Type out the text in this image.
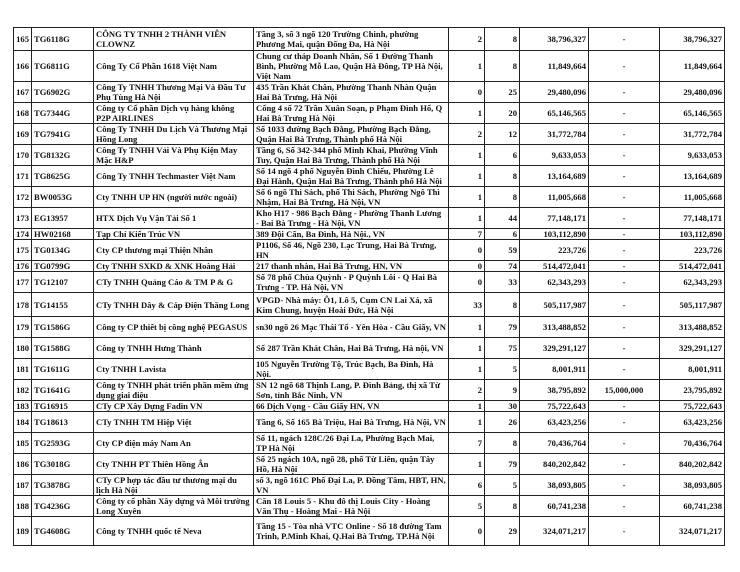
165	TG6118G	CÔNG TY TNHH 2 THÀNH VIÊN CLOWNZ	Tầng 3, số 3 ngõ 120 Trường Chinh, phường Phương Mai, quận Đống Đa, Hà Nội	2	8	38,796,327	-	38,796,327
166	TG6811G	Công Ty Cổ Phần 1618 Việt Nam	Chung cư tháp Doanh Nhân, Số 1 Đường Thanh Bình, Phường Mỗ Lao, Quận Hà Đông, TP Hà Nội, Việt Nam	1	8	11,849,664	-	11,849,664
167	TG6902G	Công Ty TNHH Thương Mại Và Đầu Tư Phụ Tùng Hà Nội	435 Trần Khát Chân, Phường Thanh Nhàn Quận Hai Bà Trưng, Hà Nội	0	25	29,480,096	-	29,480,096
168	TG7344G	Công ty Cổ phần Dịch vụ hàng không P2P AIRLINES	Cổng 4 số 72 Trần Xuân Soạn, p Phạm Đình Hổ, Q Hai Bà Trưng Hà Nội	1	20	65,146,565	-	65,146,565
169	TG7941G	Công Ty TNHH Du Lịch Và Thương Mại Hồng Long	Số 1033 đường Bạch Đằng, Phường Bạch Đằng, Quận Hai Bà Trưng, Thành phố Hà Nội	2	12	31,772,784	-	31,772,784
170	TG8132G	Công Ty TNHH Vải Và Phụ Kiện May Mặc H&P	Tầng 6, Số 342-344 phố Minh Khai, Phường Vĩnh Tuy, Quận Hai Bà Trưng, Thành phố Hà Nội	1	6	9,633,053	-	9,633,053
171	TG8625G	Công Ty TNHH Techmaster Việt Nam	Số 14 ngõ 4 phố Nguyễn Đình Chiểu, Phường Lê Đại Hành, Quận Hai Bà Trưng, Thành phố Hà Nội	1	8	13,164,689	-	13,164,689
172	BW0053G	Cty TNHH UP HN (người nước ngoài)	Số 6 ngõ Thi Sách, phố Thi Sách, Phường Ngô Thì Nhậm, Hai Bà Trưng, Hà Nội, VN	1	8	11,005,668	-	11,005,668
173	EG13957	HTX Dịch Vụ Vận Tải Số 1	Kho H17 - 986 Bạch Đằng - Phường Thanh Lương - Bai Bà Trưng - Hà Nội, VN	1	44	77,148,171	-	77,148,171
174	HW02168	Tạp Chí Kiến Trúc VN	389 Đội Cấn, Ba Đình, Hà Nội., VN	7	6	103,112,890	-	103,112,890
175	TG0134G	Cty CP thương mại Thiện Nhân	P1106, Số 46, Ngõ 230, Lạc Trung, Hai Bà Trưng, HN	0	59	223,726	-	223,726
176	TG0799G	Cty TNHH SXKD & XNK Hoàng Hải	217 thanh nhàn, Hai Bà Trưng, HN, VN	0	74	514,472,041	-	514,472,041
177	TG12107	CTy TNHH Quảng Cáo & TM P & G	Số 78 phố Chùa Quỳnh - P Quỳnh Lôi - Q Hai Bà Trưng - TP. Hà Nội, VN	0	33	62,343,293	-	62,343,293
178	TG14155	CTy TNHH Dây & Cáp Điện Thăng Long	VPGD- Nhà máy: Ô1, Lô 5, Cụm CN Lai Xá, xã Kim Chung, huyện Hoài Đức, Hà Nội	33	8	505,117,987	-	505,117,987
179	TG1586G	Công ty CP thiết bị công nghệ PEGASUS	sn30 ngõ 26 Mạc Thái Tổ - Yên Hòa - Cầu Giấy, VN	1	79	313,488,852	-	313,488,852
180	TG1588G	Công ty TNHH Hưng Thành	Số 287 Trần Khát Chân, Hai Bà Trưng, Hà nội, VN	1	75	329,291,127	-	329,291,127
181	TG1611G	Cty TNHH Lavista	105 Nguyễn Trường Tộ, Trúc Bạch, Ba Đình, Hà Nội.	1	5	8,001,911	-	8,001,911
182	TG1641G	Công ty TNHH phát triển phần mềm ứng dụng giai điệu	SN 12 ngõ 68 Thịnh Lang, P. Đình Bảng, thị xã Từ Sơn, tỉnh Bắc Ninh, VN	2	9	38,795,892	15,000,000	23,795,892
183	TG16915	CTy CP Xây Dựng Fadin VN	66 Dịch Vọng - Cầu Giấy HN, VN	1	30	75,722,643	-	75,722,643
184	TG18613	CTy TNHH TM Hiệp Việt	Tầng 6, Số 165 Bà Triệu, Hai Bà Trưng, Hà Nội, VN	1	26	63,423,256	-	63,423,256
185	TG2593G	Cty CP điện máy Nam An	Số 11, ngách 128C/26 Đại La, Phường Bạch Mai, TP Hà Nội	7	8	70,436,764	-	70,436,764
186	TG3018G	Cty TNHH PT Thiên Hồng Ân	Số 25 ngách 10A, ngõ 28, phố Từ Liên, quận Tây Hồ, Hà Nội	1	79	840,202,842	-	840,202,842
187	TG3878G	CTy CP hợp tác đầu tư thương mại du lịch Hà Nội	số 3, ngõ 161C Phố Đại La, P. Đồng Tâm, HBT, HN, VN	6	5	38,093,805	-	38,093,805
188	TG4236G	Công ty cổ phần Xây dựng và Môi trường Long Xuyên	Căn 18 Louis 5 - Khu đô thị Louis City - Hoàng Văn Thụ - Hoàng Mai - Hà Nội	5	8	60,741,238	-	60,741,238
189	TG4608G	Công ty TNHH quốc tế Neva	Tầng 15 - Tòa nhà VTC Online - Số 18 đường Tam Trinh, P.Minh Khai, Q.Hai Bà Trưng, TP.Hà Nội	0	29	324,071,217	-	324,071,217
